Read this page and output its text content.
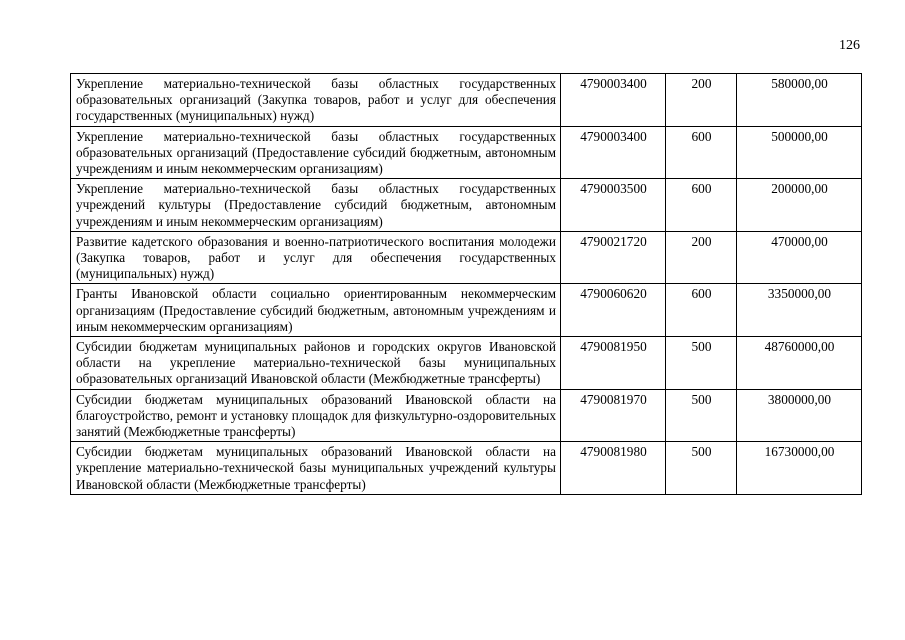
126
Укрепление материально-технической базы областных государственных образовательных организаций (Закупка товаров, работ и услуг для обеспечения государственных (муниципальных) нужд)	4790003400	200	580000,00
Укрепление материально-технической базы областных государственных образовательных организаций (Предоставление субсидий бюджетным, автономным учреждениям и иным некоммерческим организациям)	4790003400	600	500000,00
Укрепление материально-технической базы областных государственных учреждений культуры (Предоставление субсидий бюджетным, автономным учреждениям и иным некоммерческим организациям)	4790003500	600	200000,00
Развитие кадетского образования и военно-патриотического воспитания молодежи (Закупка товаров, работ и услуг для обеспечения государственных (муниципальных) нужд)	4790021720	200	470000,00
Гранты Ивановской области социально ориентированным некоммерческим организациям (Предоставление субсидий бюджетным, автономным учреждениям и иным некоммерческим организациям)	4790060620	600	3350000,00
Субсидии бюджетам муниципальных районов и городских округов Ивановской области на укрепление материально-технической базы муниципальных образовательных организаций Ивановской области (Межбюджетные трансферты)	4790081950	500	48760000,00
Субсидии бюджетам муниципальных образований Ивановской области на благоустройство, ремонт и установку площадок для физкультурно-оздоровительных занятий (Межбюджетные трансферты)	4790081970	500	3800000,00
Субсидии бюджетам муниципальных образований Ивановской области на укрепление материально-технической базы муниципальных учреждений культуры Ивановской области (Межбюджетные трансферты)	4790081980	500	16730000,00
